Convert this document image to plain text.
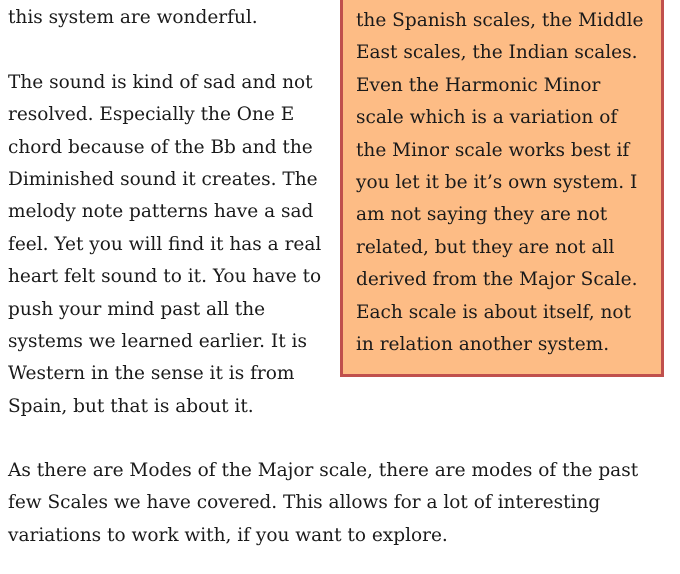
this system are wonderful.

The sound is kind of sad and not resolved. Especially the One E chord because of the Bb and the Diminished sound it creates. The melody note patterns have a sad feel. Yet you will find it has a real heart felt sound to it. You have to push your mind past all the systems we learned earlier. It is Western in the sense it is from Spain, but that is about it.

the Spanish scales, the Middle East scales, the Indian scales. Even the Harmonic Minor scale which is a variation of the Minor scale works best if you let it be it’s own system. I am not saying they are not related, but they are not all derived from the Major Scale. Each scale is about itself, not in relation another system.

As there are Modes of the Major scale, there are modes of the past few Scales we have covered. This allows for a lot of interesting variations to work with, if you want to explore.
